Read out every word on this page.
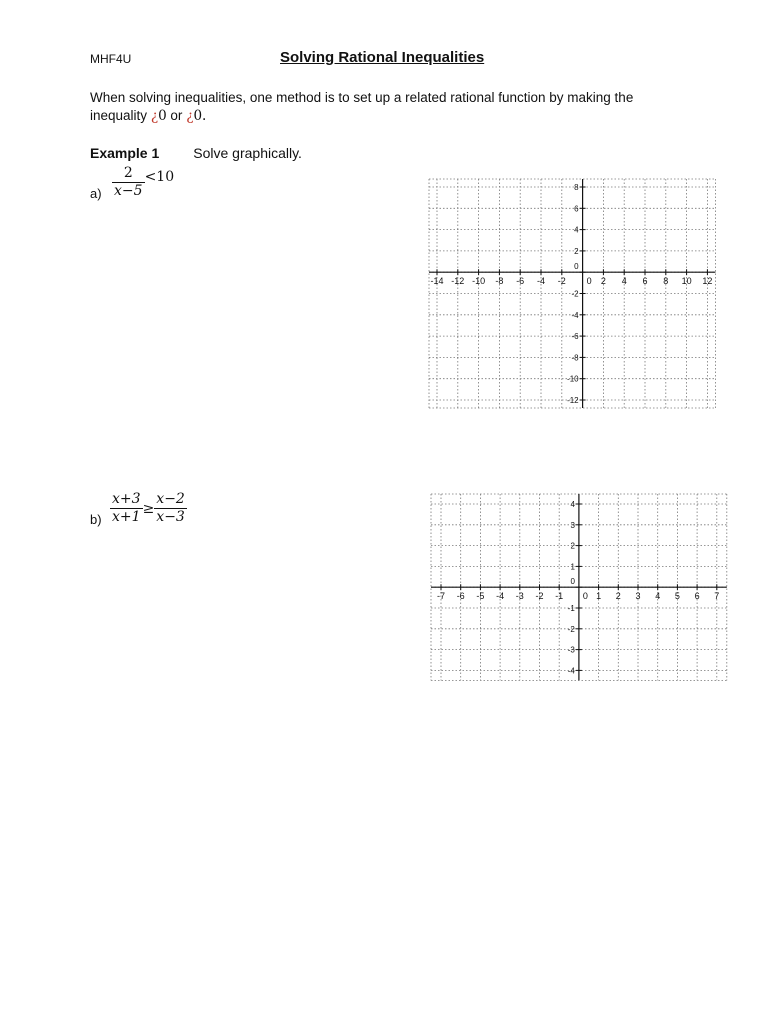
MHF4U	Solving Rational Inequalities
When solving inequalities, one method is to set up a related rational function by making the inequality ¿0 or ¿0.
Example 1 Solve graphically.
$a) \frac{2}{x-5} <10$
$b) \frac{x+3}{x+1} \ge \frac{x-2}{x-3}$
-14 -12 -10 -8 -6 -4 -2	2 4 6 8 10 12
8
6
4
2
0
-2
-4
-6
-8
-10
-12
0
-7 -6 -5 -4 -3 -2 -1	1 2 3 4 5 6 7
4
3
2
1
0
-1
-2
-3
-4
0
